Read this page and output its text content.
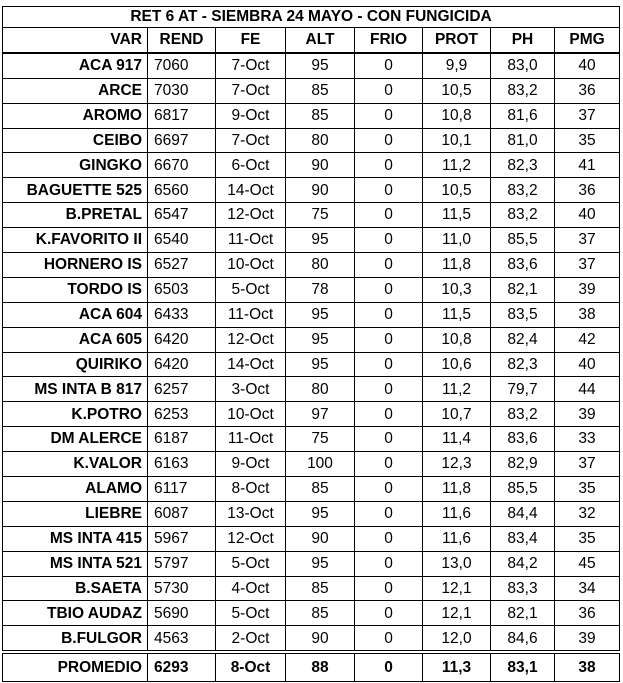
RET 6 AT - SIEMBRA 24 MAYO - CON FUNGICIDA							
VAR	REND	FE	ALT	FRIO	PROT	PH	PMG
ACA 917	7060	7-Oct	95	0	9,9	83,0	40
ARCE	7030	7-Oct	85	0	10,5	83,2	36
AROMO	6817	9-Oct	85	0	10,8	81,6	37
CEIBO	6697	7-Oct	80	0	10,1	81,0	35
GINGKO	6670	6-Oct	90	0	11,2	82,3	41
BAGUETTE 525	6560	14-Oct	90	0	10,5	83,2	36
B.PRETAL	6547	12-Oct	75	0	11,5	83,2	40
K.FAVORITO II	6540	11-Oct	95	0	11,0	85,5	37
HORNERO IS	6527	10-Oct	80	0	11,8	83,6	37
TORDO IS	6503	5-Oct	78	0	10,3	82,1	39
ACA 604	6433	11-Oct	95	0	11,5	83,5	38
ACA 605	6420	12-Oct	95	0	10,8	82,4	42
QUIRIKO	6420	14-Oct	95	0	10,6	82,3	40
MS INTA B 817	6257	3-Oct	80	0	11,2	79,7	44
K.POTRO	6253	10-Oct	97	0	10,7	83,2	39
DM ALERCE	6187	11-Oct	75	0	11,4	83,6	33
K.VALOR	6163	9-Oct	100	0	12,3	82,9	37
ALAMO	6117	8-Oct	85	0	11,8	85,5	35
LIEBRE	6087	13-Oct	95	0	11,6	84,4	32
MS INTA 415	5967	12-Oct	90	0	11,6	83,4	35
MS INTA 521	5797	5-Oct	95	0	13,0	84,2	45
B.SAETA	5730	4-Oct	85	0	12,1	83,3	34
TBIO AUDAZ	5690	5-Oct	85	0	12,1	82,1	36
B.FULGOR	4563	2-Oct	90	0	12,0	84,6	39
PROMEDIO	6293	8-Oct	88	0	11,3	83,1	38
